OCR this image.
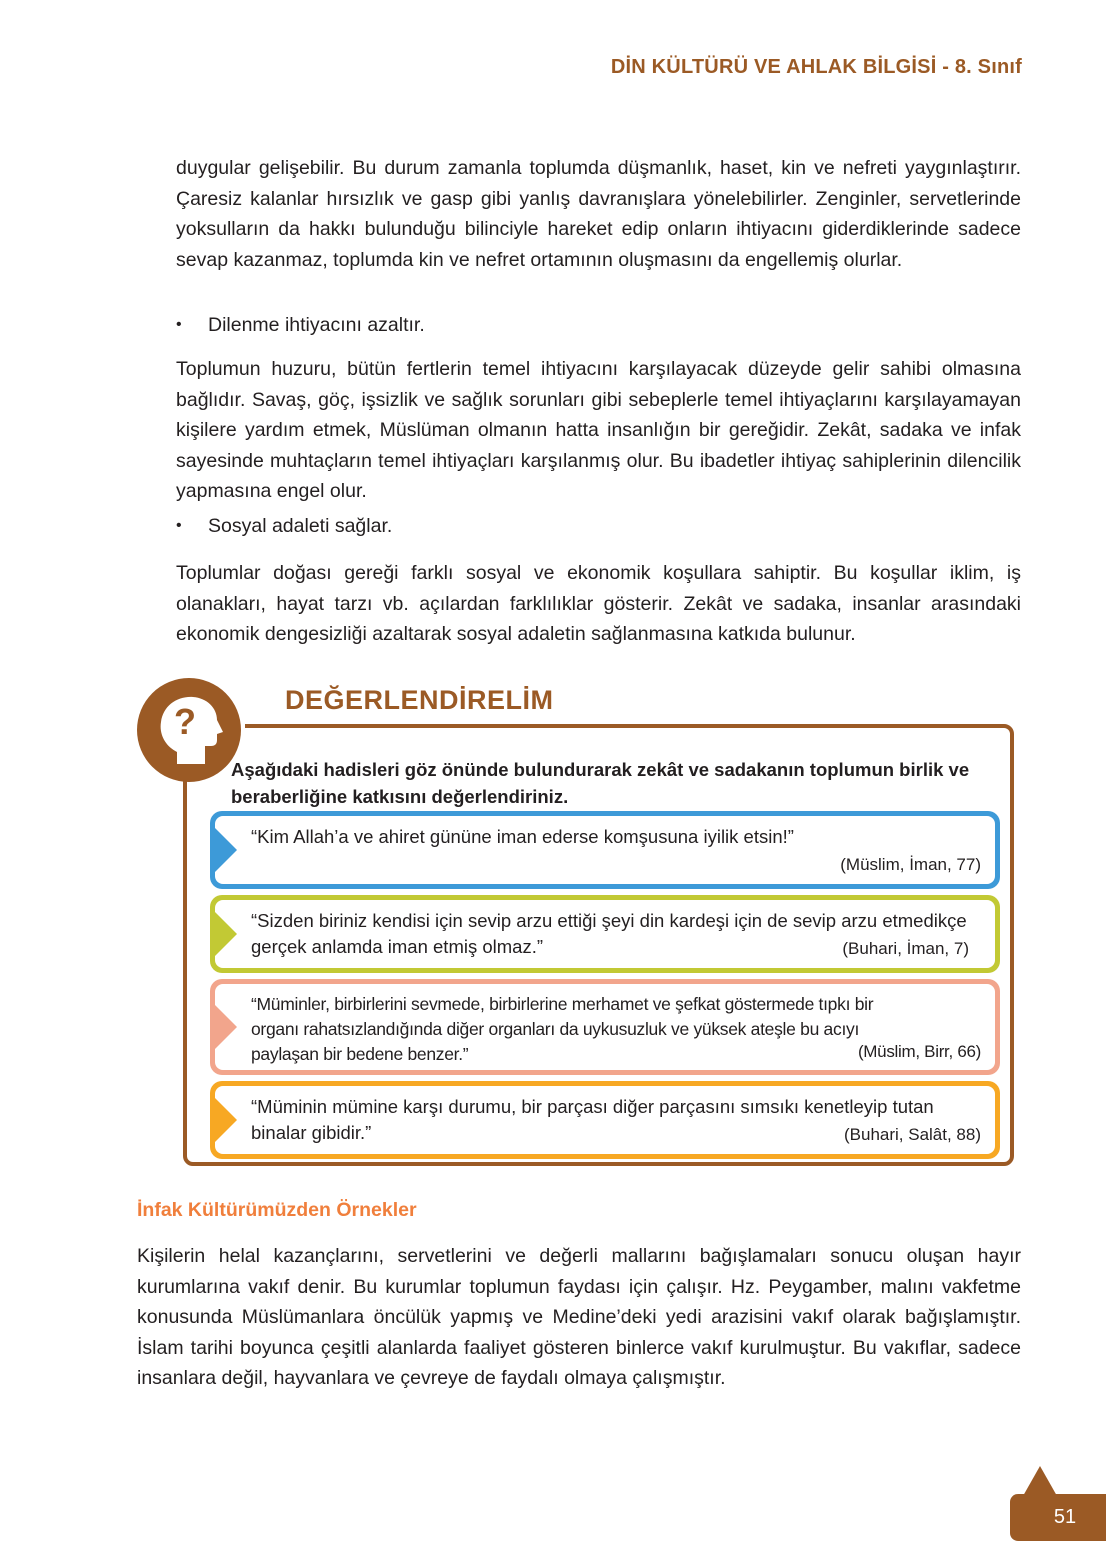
DİN KÜLTÜRÜ VE AHLAK BİLGİSİ - 8. Sınıf

duygular gelişebilir. Bu durum zamanla toplumda düşmanlık, haset, kin ve nefreti yaygınlaştırır. Çaresiz kalanlar hırsızlık ve gasp gibi yanlış davranışlara yönelebilirler. Zenginler, servetlerinde yoksulların da hakkı bulunduğu bilinciyle hareket edip onların ihtiyacını giderdiklerinde sadece sevap kazanmaz, toplumda kin ve nefret ortamının oluşmasını da engellemiş olurlar.

• Dilenme ihtiyacını azaltır.

Toplumun huzuru, bütün fertlerin temel ihtiyacını karşılayacak düzeyde gelir sahibi olmasına bağlıdır. Savaş, göç, işsizlik ve sağlık sorunları gibi sebeplerle temel ihtiyaçlarını karşılayamayan kişilere yardım etmek, Müslüman olmanın hatta insanlığın bir gereğidir. Zekât, sadaka ve infak sayesinde muhtaçların temel ihtiyaçları karşılanmış olur. Bu ibadetler ihtiyaç sahiplerinin dilencilik yapmasına engel olur.

• Sosyal adaleti sağlar.

Toplumlar doğası gereği farklı sosyal ve ekonomik koşullara sahiptir. Bu koşullar iklim, iş olanakları, hayat tarzı vb. açılardan farklılıklar gösterir. Zekât ve sadaka, insanlar arasındaki ekonomik dengesizliği azaltarak sosyal adaletin sağlanmasına katkıda bulunur.

?
DEĞERLENDİRELİM
Aşağıdaki hadisleri göz önünde bulundurarak zekât ve sadakanın toplumun birlik ve beraberliğine katkısını değerlendiriniz.
“Kim Allah’a ve ahiret gününe iman ederse komşusuna iyilik etsin!”
(Müslim, İman, 77)
“Sizden biriniz kendisi için sevip arzu ettiği şeyi din kardeşi için de sevip arzu etmedikçe gerçek anlamda iman etmiş olmaz.”	(Buhari, İman, 7)
“Müminler, birbirlerini sevmede, birbirlerine merhamet ve şefkat göstermede tıpkı bir organı rahatsızlandığında diğer organları da uykusuzluk ve yüksek ateşle bu acıyı paylaşan bir bedene benzer.”	(Müslim, Birr, 66)
“Müminin mümine karşı durumu, bir parçası diğer parçasını sımsıkı kenetleyip tutan binalar gibidir.”	(Buhari, Salât, 88)
İnfak Kültürümüzden Örnekler

Kişilerin helal kazançlarını, servetlerini ve değerli mallarını bağışlamaları sonucu oluşan hayır kurumlarına vakıf denir. Bu kurumlar toplumun faydası için çalışır. Hz. Peygamber, malını vakfetme konusunda Müslümanlara öncülük yapmış ve Medine’deki yedi arazisini vakıf olarak bağışlamıştır. İslam tarihi boyunca çeşitli alanlarda faaliyet gösteren binlerce vakıf kurulmuştur. Bu vakıflar, sadece insanlara değil, hayvanlara ve çevreye de faydalı olmaya çalışmıştır.

51
